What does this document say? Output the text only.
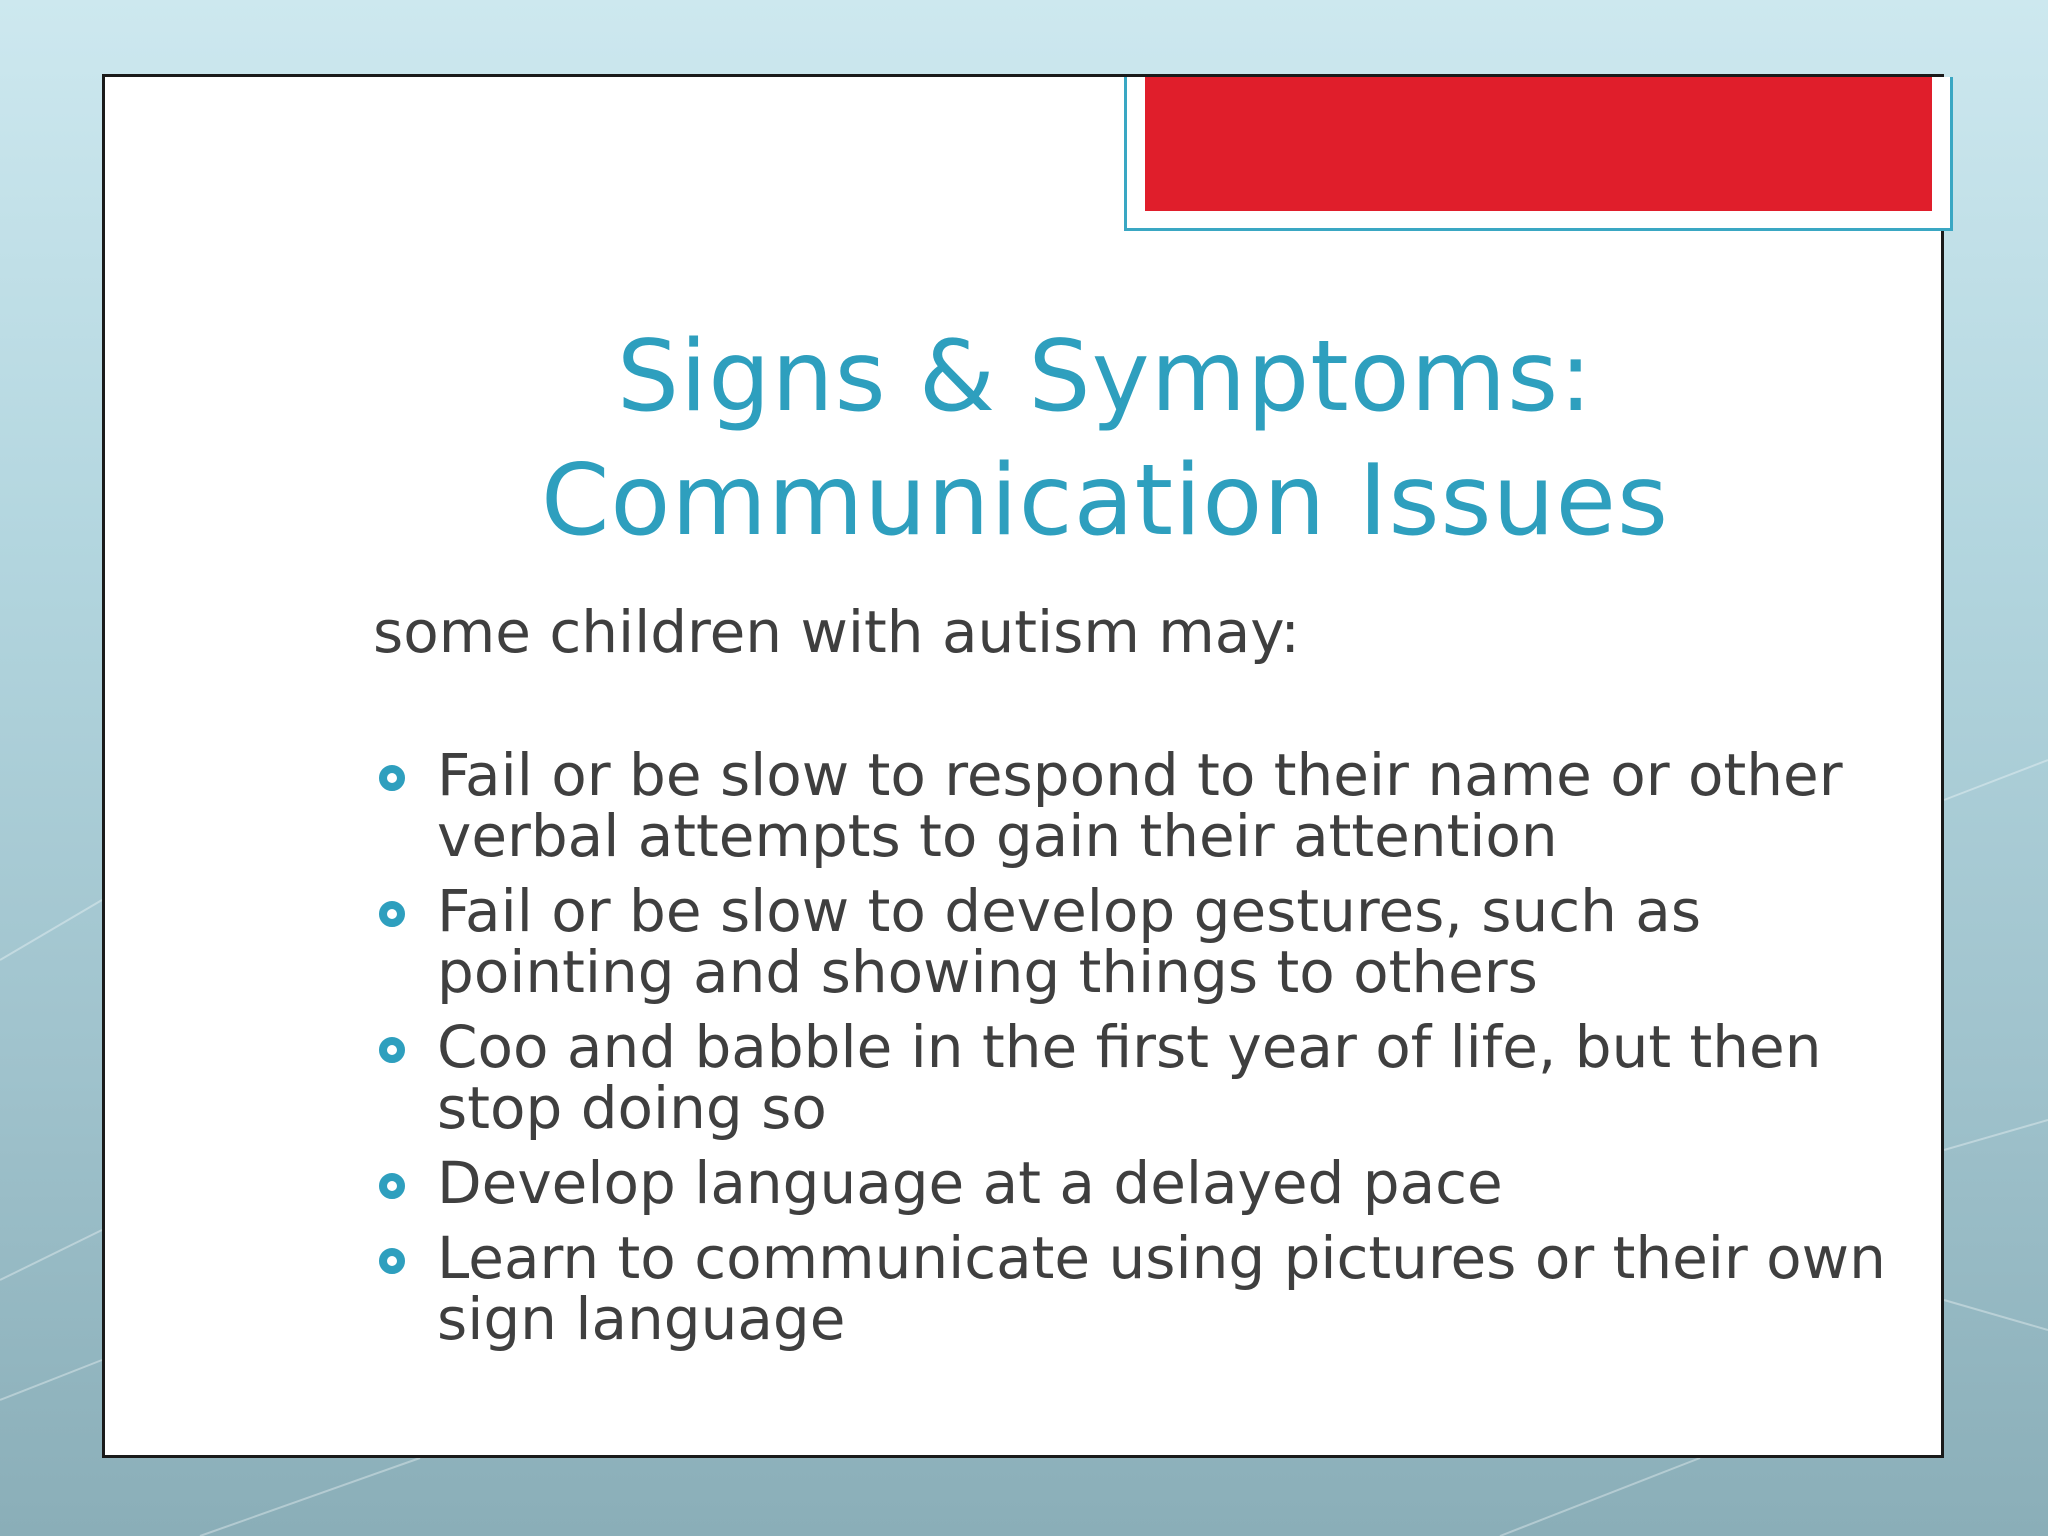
Signs & Symptoms:
Communication Issues

some children with autism may:

Fail or be slow to respond to their name or other verbal attempts to gain their attention
Fail or be slow to develop gestures, such as pointing and showing things to others
Coo and babble in the first year of life, but then stop doing so
Develop language at a delayed pace
Learn to communicate using pictures or their own sign language
